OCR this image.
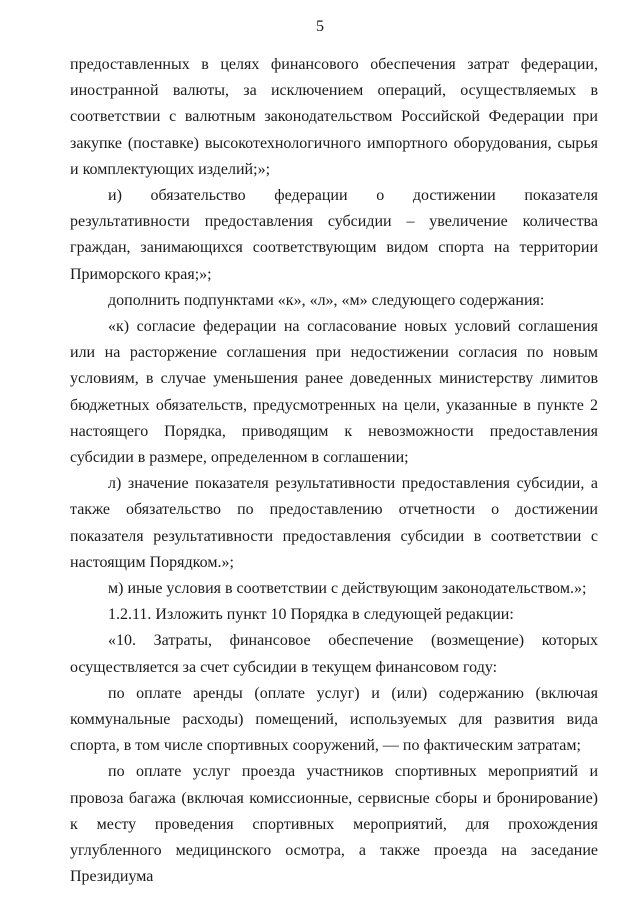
5

предоставленных в целях финансового обеспечения затрат федерации, иностранной валюты, за исключением операций, осуществляемых в соответствии с валютным законодательством Российской Федерации при закупке (поставке) высокотехнологичного импортного оборудования, сырья и комплектующих изделий;»;

и) обязательство федерации о достижении показателя результативности предоставления субсидии – увеличение количества граждан, занимающихся соответствующим видом спорта на территории Приморского края;»;

дополнить подпунктами «к», «л», «м» следующего содержания:

«к) согласие федерации на согласование новых условий соглашения или на расторжение соглашения при недостижении согласия по новым условиям, в случае уменьшения ранее доведенных министерству лимитов бюджетных обязательств, предусмотренных на цели, указанные в пункте 2 настоящего Порядка, приводящим к невозможности предоставления субсидии в размере, определенном в соглашении;

л) значение показателя результативности предоставления субсидии, а также обязательство по предоставлению отчетности о достижении показателя результативности предоставления субсидии в соответствии с настоящим Порядком.»;

м) иные условия в соответствии с действующим законодательством.»;

1.2.11. Изложить пункт 10 Порядка в следующей редакции:

«10. Затраты, финансовое обеспечение (возмещение) которых осуществляется за счет субсидии в текущем финансовом году:

по оплате аренды (оплате услуг) и (или) содержанию (включая коммунальные расходы) помещений, используемых для развития вида спорта, в том числе спортивных сооружений, — по фактическим затратам;

по оплате услуг проезда участников спортивных мероприятий и провоза багажа (включая комиссионные, сервисные сборы и бронирование) к месту проведения спортивных мероприятий, для прохождения углубленного медицинского осмотра, а также проезда на заседание Президиума
